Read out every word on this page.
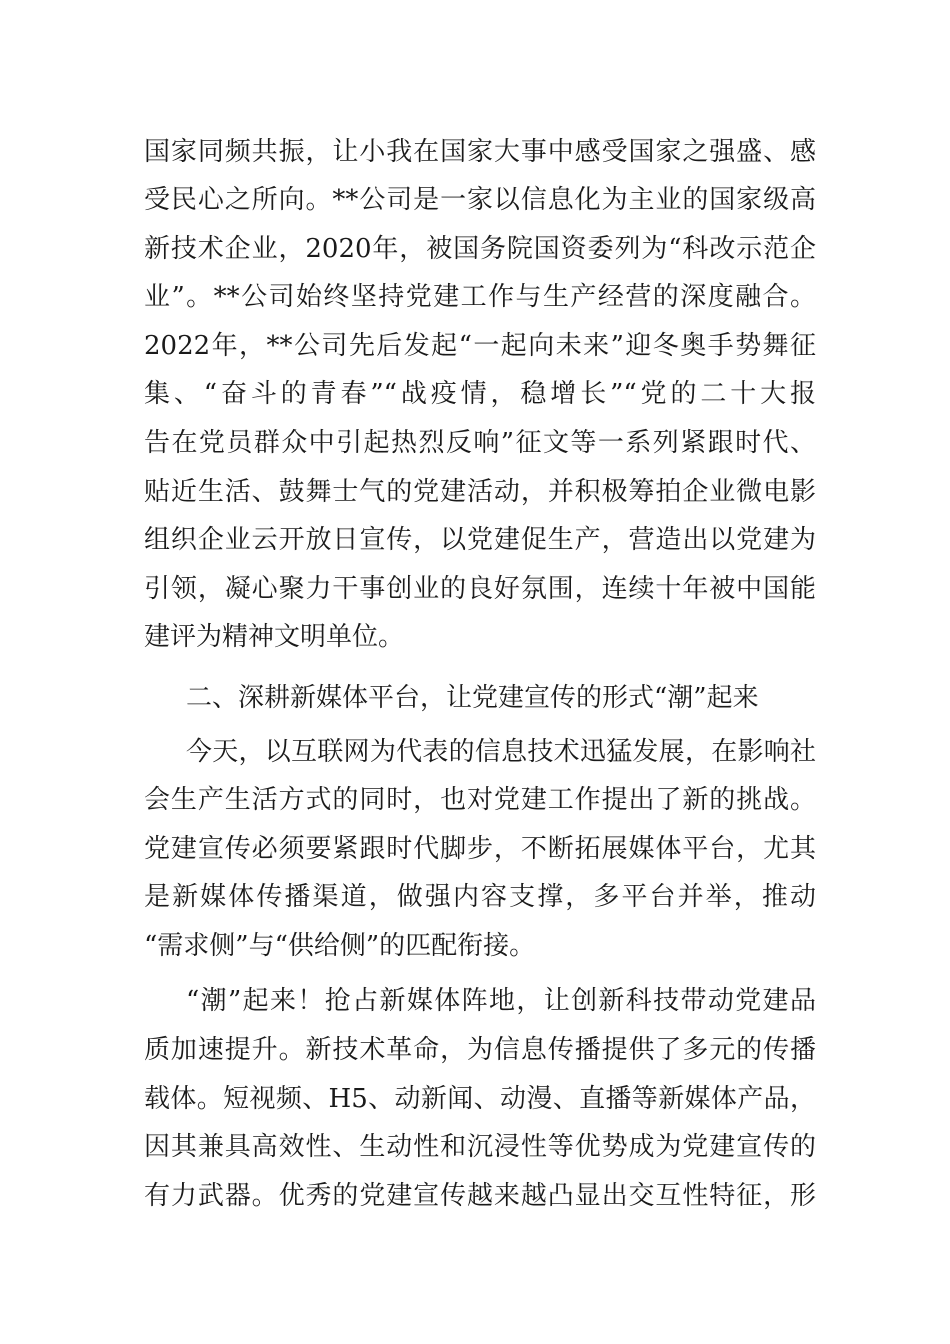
国家同频共振，让小我在国家大事中感受国家之强盛、感
受民心之所向。**公司是一家以信息化为主业的国家级高
新技术企业，2020年，被国务院国资委列为“科改示范企
业”。**公司始终坚持党建工作与生产经营的深度融合。
2022年，**公司先后发起“一起向未来”迎冬奥手势舞征
集、“奋斗的青春”“战疫情，稳增长”“党的二十大报
告在党员群众中引起热烈反响”征文等一系列紧跟时代、
贴近生活、鼓舞士气的党建活动，并积极筹拍企业微电影
组织企业云开放日宣传，以党建促生产，营造出以党建为
引领，凝心聚力干事创业的良好氛围，连续十年被中国能
建评为精神文明单位。
二、深耕新媒体平台，让党建宣传的形式“潮”起来
今天，以互联网为代表的信息技术迅猛发展，在影响社
会生产生活方式的同时，也对党建工作提出了新的挑战。
党建宣传必须要紧跟时代脚步，不断拓展媒体平台，尤其
是新媒体传播渠道，做强内容支撑，多平台并举，推动
“需求侧”与“供给侧”的匹配衔接。
“潮”起来！抢占新媒体阵地，让创新科技带动党建品
质加速提升。新技术革命，为信息传播提供了多元的传播
载体。短视频、H5、动新闻、动漫、直播等新媒体产品，
因其兼具高效性、生动性和沉浸性等优势成为党建宣传的
有力武器。优秀的党建宣传越来越凸显出交互性特征，形
